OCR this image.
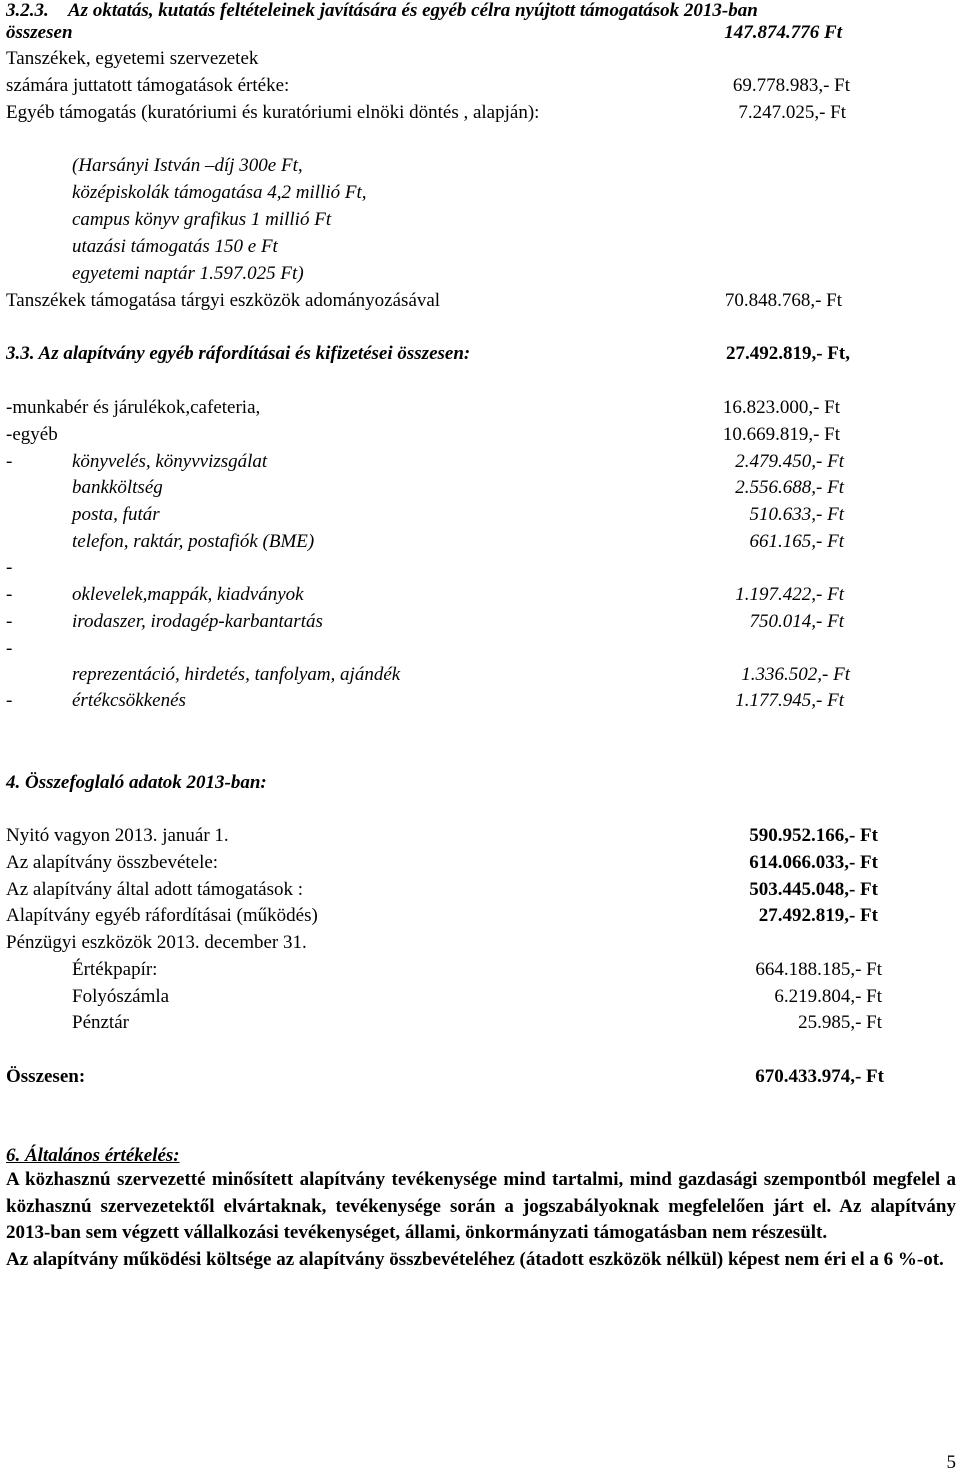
3.2.3. Az oktatás, kutatás feltételeinek javítására és egyéb célra nyújtott támogatások 2013-ban
összesen	147.874.776 Ft
Tanszékek, egyetemi szervezetek
számára juttatott támogatások értéke:	69.778.983,- Ft
Egyéb támogatás (kuratóriumi és kuratóriumi elnöki döntés , alapján):	7.247.025,- Ft
(Harsányi István –díj 300e Ft,
középiskolák támogatása 4,2 millió Ft,
campus könyv grafikus 1 millió Ft
utazási támogatás 150 e Ft
egyetemi naptár 1.597.025 Ft)
Tanszékek támogatása tárgyi eszközök adományozásával	70.848.768,- Ft
3.3. Az alapítvány egyéb ráfordításai és kifizetései összesen:	27.492.819,- Ft,
-munkabér és járulékok,cafeteria,	16.823.000,- Ft
-egyéb	10.669.819,- Ft
-	könyvelés, könyvvizsgálat	2.479.450,- Ft
bankköltség	2.556.688,- Ft
posta, futár	510.633,- Ft
telefon, raktár, postafiók (BME)	661.165,- Ft
-
-	oklevelek,mappák, kiadványok	1.197.422,- Ft
-	irodaszer, irodagép-karbantartás	750.014,- Ft
-
reprezentáció, hirdetés, tanfolyam, ajándék	1.336.502,- Ft
-	értékcsökkenés	1.177.945,- Ft
4. Összefoglaló adatok 2013-ban:
Nyitó vagyon 2013. január 1.	590.952.166,- Ft
Az alapítvány összbevétele:	614.066.033,- Ft
Az alapítvány által adott támogatások :	503.445.048,- Ft
Alapítvány egyéb ráfordításai (működés)	27.492.819,- Ft
Pénzügyi eszközök 2013. december 31.
Értékpapír:	664.188.185,- Ft
Folyószámla	6.219.804,- Ft
Pénztár	25.985,- Ft
Összesen:	670.433.974,- Ft
6. Általános értékelés:

A közhasznú szervezetté minősített alapítvány tevékenysége mind tartalmi, mind gazdasági szempontból megfelel a közhasznú szervezetektől elvártaknak, tevékenysége során a jogszabályoknak megfelelően járt el. Az alapítvány 2013-ban sem végzett vállalkozási tevékenységet, állami, önkormányzati támogatásban nem részesült.

Az alapítvány működési költsége az alapítvány összbevételéhez (átadott eszközök nélkül) képest nem éri el a 6 %-ot.

5
